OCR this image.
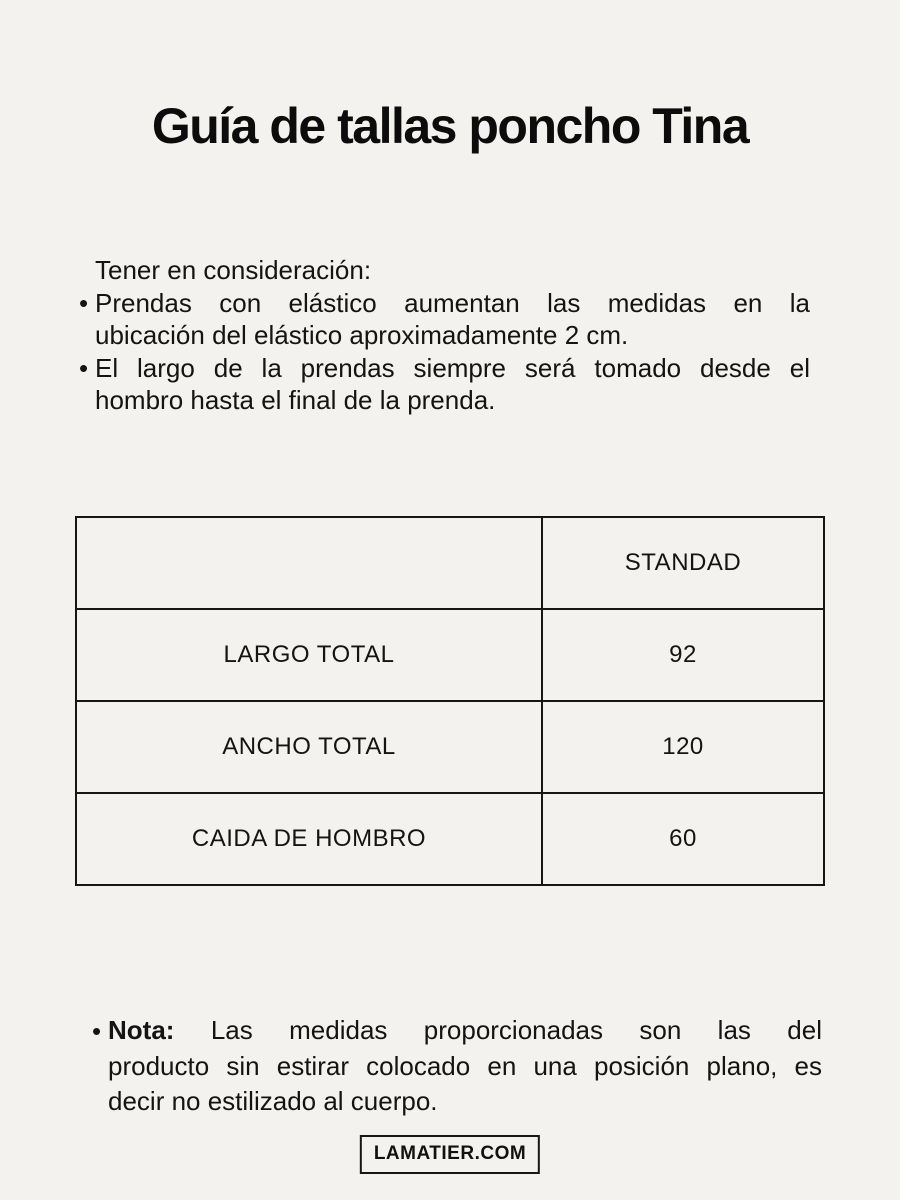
Guía de tallas poncho Tina

Tener en consideración:

• Prendas con elástico aumentan las medidas en la
ubicación del elástico aproximadamente 2 cm.
• El largo de la prendas siempre será tomado desde el
hombro hasta el final de la prenda.
	STANDAD
LARGO TOTAL	92
ANCHO TOTAL	120
CAIDA DE HOMBRO	60
• Nota: Las medidas proporcionadas son las del
producto sin estirar colocado en una posición plano, es
decir no estilizado al cuerpo.
LAMATIER.COM
